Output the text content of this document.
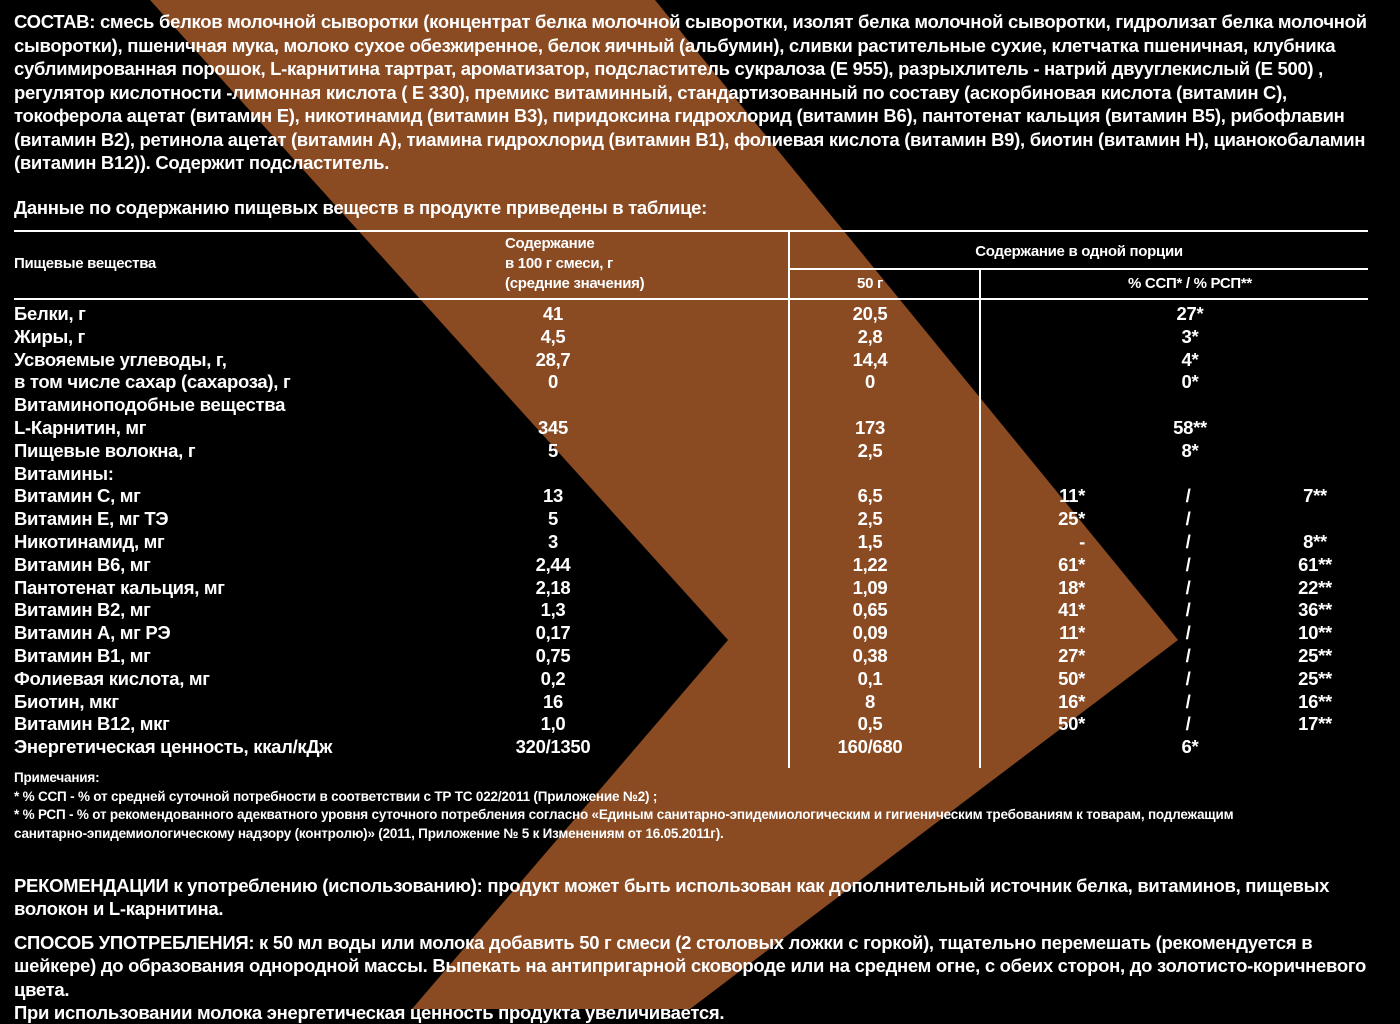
СОСТАВ: смесь белков молочной сыворотки (концентрат белка молочной сыворотки, изолят белка молочной сыворотки, гидролизат белка молочной сыворотки), пшеничная мука, молоко сухое обезжиренное, белок яичный (альбумин), сливки растительные сухие, клетчатка пшеничная, клубника сублимированная порошок, L-карнитина тартрат, ароматизатор, подсластитель сукралоза (Е 955), разрыхлитель - натрий двууглекислый (Е 500) , регулятор кислотности -лимонная кислота ( Е 330), премикс витаминный, стандартизованный по составу (аскорбиновая кислота (витамин С), токоферола ацетат (витамин Е), никотинамид (витамин В3), пиридоксина гидрохлорид (витамин В6), пантотенат кальция (витамин В5), рибофлавин (витамин В2), ретинола ацетат (витамин А), тиамина гидрохлорид (витамин В1), фолиевая кислота (витамин В9), биотин (витамин Н), цианокобаламин (витамин В12)). Содержит подсластитель.
Данные по содержанию пищевых веществ в продукте приведены в таблице:
Пищевые вещества
Содержание
в 100 г смеси, г
(средние значения)
Содержание в одной порции
50 г	% ССП* / % РСП**
Белки, г	41	20,5	27*
Жиры, г	4,5	2,8	3*
Усвояемые углеводы, г,	28,7	14,4	4*
в том числе сахар (сахароза), г	0	0	0*
Витаминоподобные вещества
L-Карнитин, мг	345	173	58**
Пищевые волокна, г	5	2,5	8*
Витамины:
Витамин С, мг	13	6,5	11*	/	7**
Витамин Е, мг ТЭ	5	2,5	25*	/
Никотинамид, мг	3	1,5	-	/	8**
Витамин В6, мг	2,44	1,22	61*	/	61**
Пантотенат кальция, мг	2,18	1,09	18*	/	22**
Витамин В2, мг	1,3	0,65	41*	/	36**
Витамин А, мг РЭ	0,17	0,09	11*	/	10**
Витамин В1, мг	0,75	0,38	27*	/	25**
Фолиевая кислота, мг	0,2	0,1	50*	/	25**
Биотин, мкг	16	8	16*	/	16**
Витамин В12, мкг	1,0	0,5	50*	/	17**
Энергетическая ценность, ккал/кДж	320/1350	160/680	6*

Примечания:

* % ССП - % от средней суточной потребности в соответствии с ТР ТС 022/2011 (Приложение №2) ;

* % РСП - % от рекомендованного адекватного уровня суточного потребления согласно «Единым санитарно-эпидемиологическим и гигиеническим требованиям к товарам, подлежащим

санитарно-эпидемиологическому надзору (контролю)» (2011, Приложение № 5 к Изменениям от 16.05.2011г).

РЕКОМЕНДАЦИИ к употреблению (использованию): продукт может быть использован как дополнительный источник белка, витаминов, пищевых волокон и L-карнитина.

СПОСОБ УПОТРЕБЛЕНИЯ: к 50 мл воды или молока добавить 50 г смеси (2 столовых ложки с горкой), тщательно перемешать (рекомендуется в шейкере) до образования однородной массы. Выпекать на антипригарной сковороде или на среднем огне, с обеих сторон, до золотисто-коричневого цвета.

При использовании молока энергетическая ценность продукта увеличивается.
